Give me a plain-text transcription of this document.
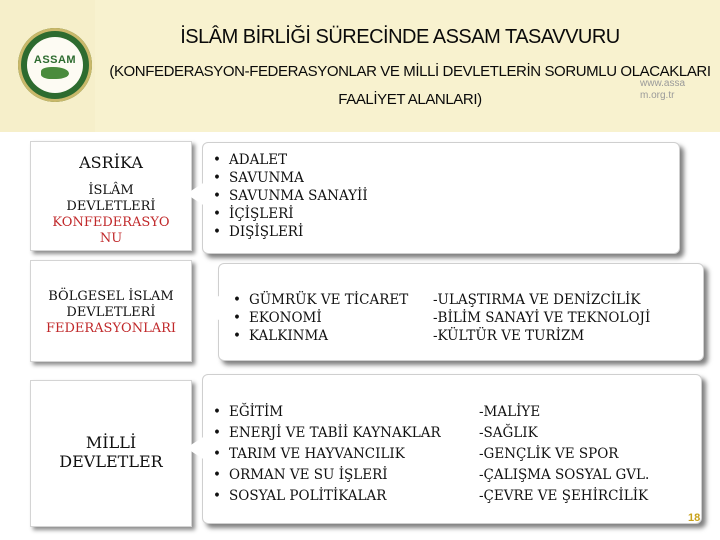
ASSAM
İSLÂM BİRLİĞİ SÜRECİNDE ASSAM TASAVVURU
(KONFEDERASYON-FEDERASYONLAR VE MİLLİ DEVLETLERİN SORUMLU OLACAKLARI
FAALİYET ALANLARI)
www.assa
m.org.tr
ASRİKA
İSLÂM
DEVLETLERİ
KONFEDERASYO
NU
• ADALET
• SAVUNMA
• SAVUNMA SANAYİİ
• İÇİŞLERİ
• DIŞİŞLERİ
BÖLGESEL İSLAM
DEVLETLERİ
FEDERASYONLARI
• GÜMRÜK VE TİCARET
• EKONOMİ
• KALKINMA
-ULAŞTIRMA VE DENİZCİLİK
-BİLİM SANAYİ VE TEKNOLOJİ
-KÜLTÜR VE TURİZM
MİLLİ
DEVLETLER
• EĞİTİM
• ENERJİ VE TABİİ KAYNAKLAR
• TARIM VE HAYVANCILIK
• ORMAN VE SU İŞLERİ
• SOSYAL POLİTİKALAR
-MALİYE
-SAĞLIK
-GENÇLİK VE SPOR
-ÇALIŞMA SOSYAL GVL.
-ÇEVRE VE ŞEHİRCİLİK
18
